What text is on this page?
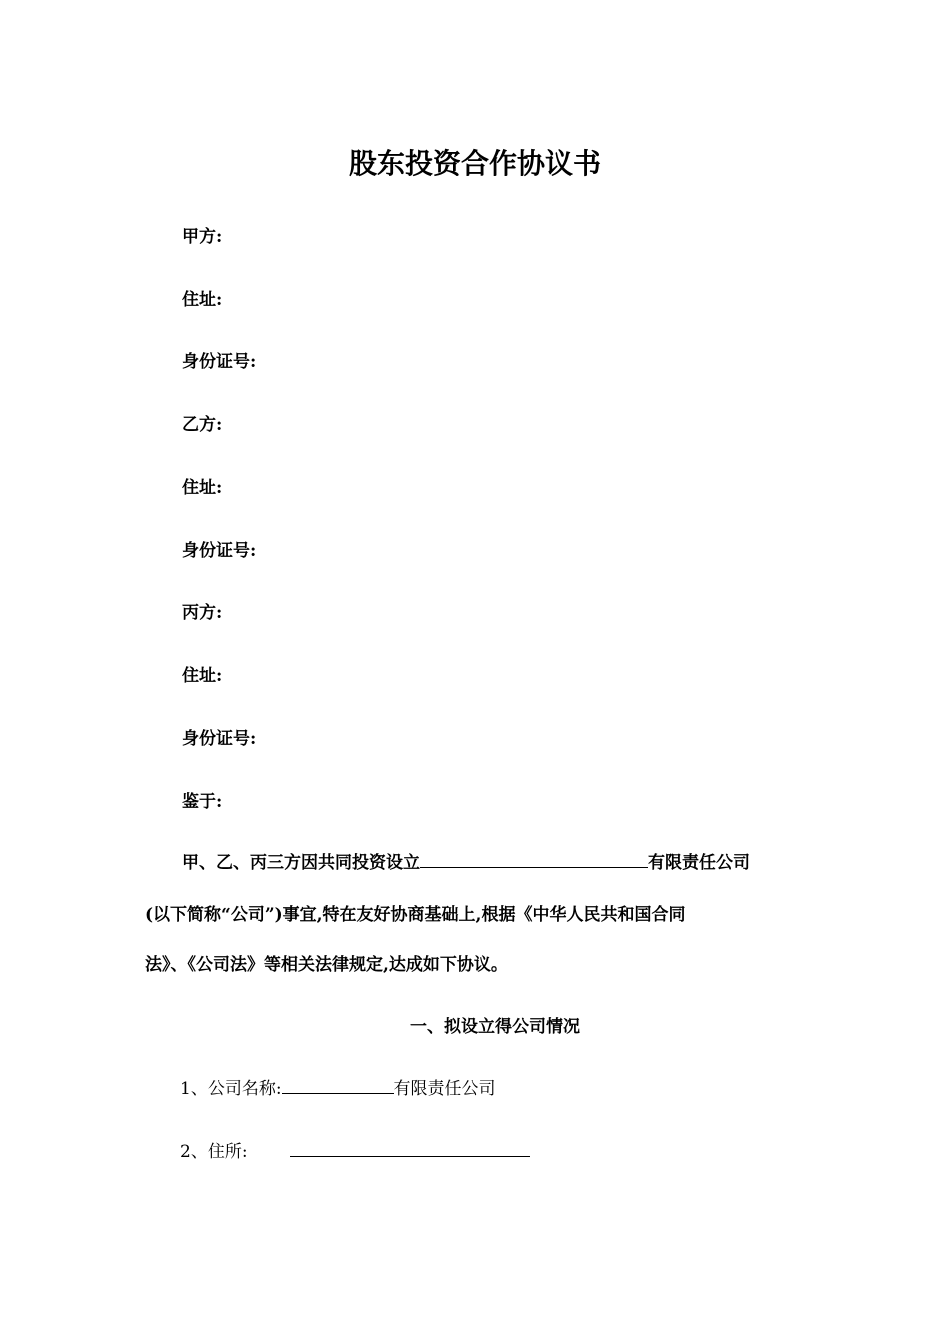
股东投资合作协议书
甲方:
住址:
身份证号:
乙方:
住址:
身份证号:
丙方:
住址:
身份证号:
鉴于:
甲、乙、丙三方因共同投资设立	有限责任公司
(以下简称“公司”)事宜,特在友好协商基础上,根据《中华人民共和国合同
法》、《公司法》等相关法律规定,达成如下协议。
一、拟设立得公司情况
1、公司名称:	有限责任公司
2、住所:
